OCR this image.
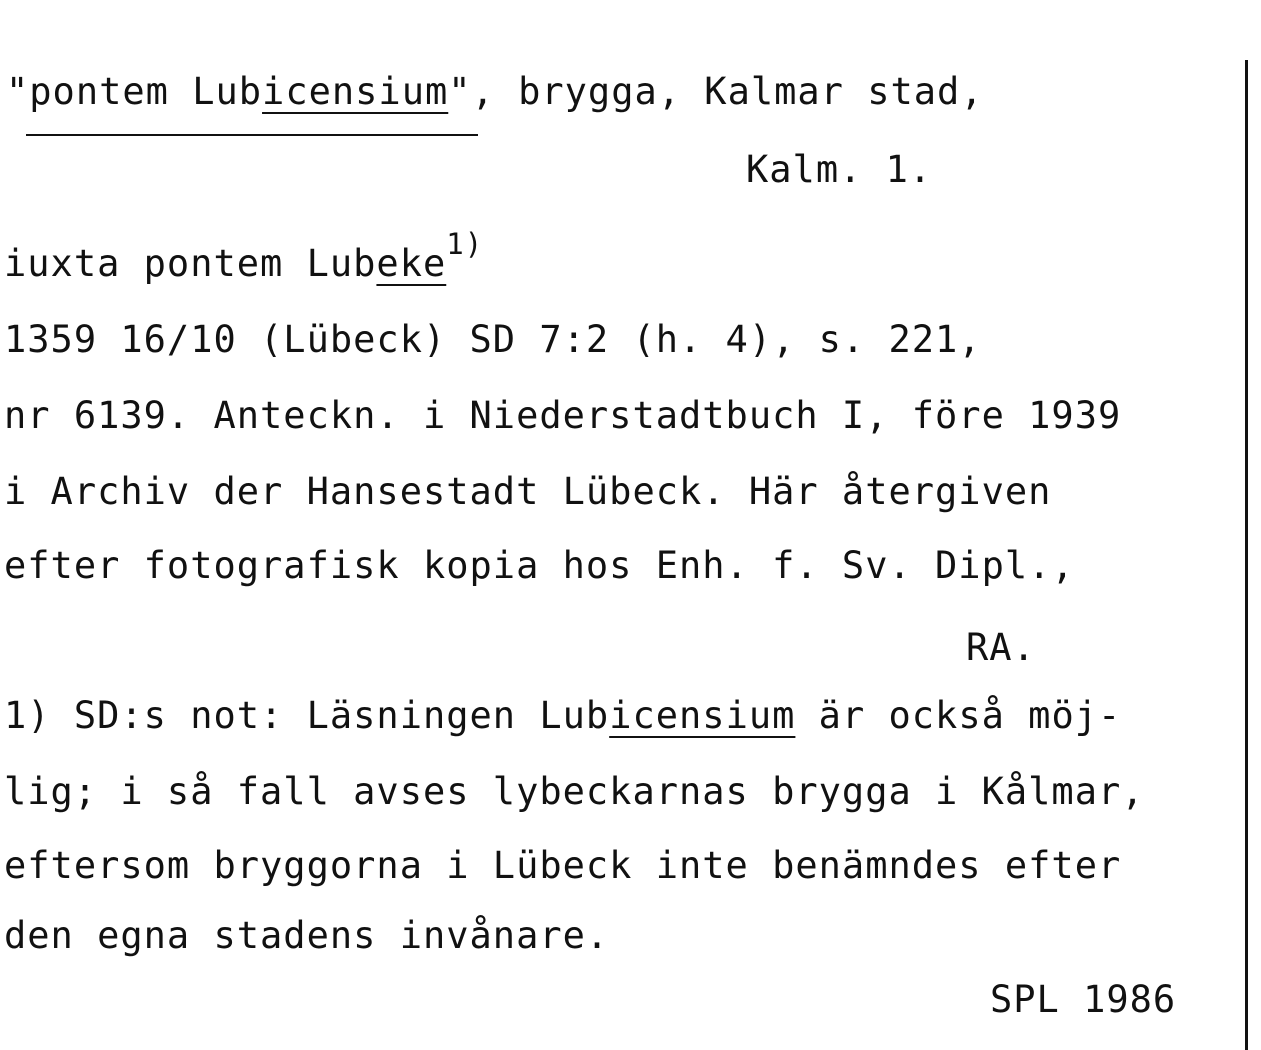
"pontem Lubicensium", brygga, Kalmar stad,
Kalm. 1.
iuxta pontem Lubeke$^{1)}$
1359 16/10 (Lübeck) SD 7:2 (h. 4), s. 221,
nr 6139. Anteckn. i Niederstadtbuch I, före 1939
i Archiv der Hansestadt Lübeck. Här återgiven
efter fotografisk kopia hos Enh. f. Sv. Dipl.,
RA.
1) SD:s not: Läsningen Lubicensium är också möj-
lig; i så fall avses lybeckarnas brygga i Kålmar,
eftersom bryggorna i Lübeck inte benämndes efter
den egna stadens invånare.
SPL 1986
